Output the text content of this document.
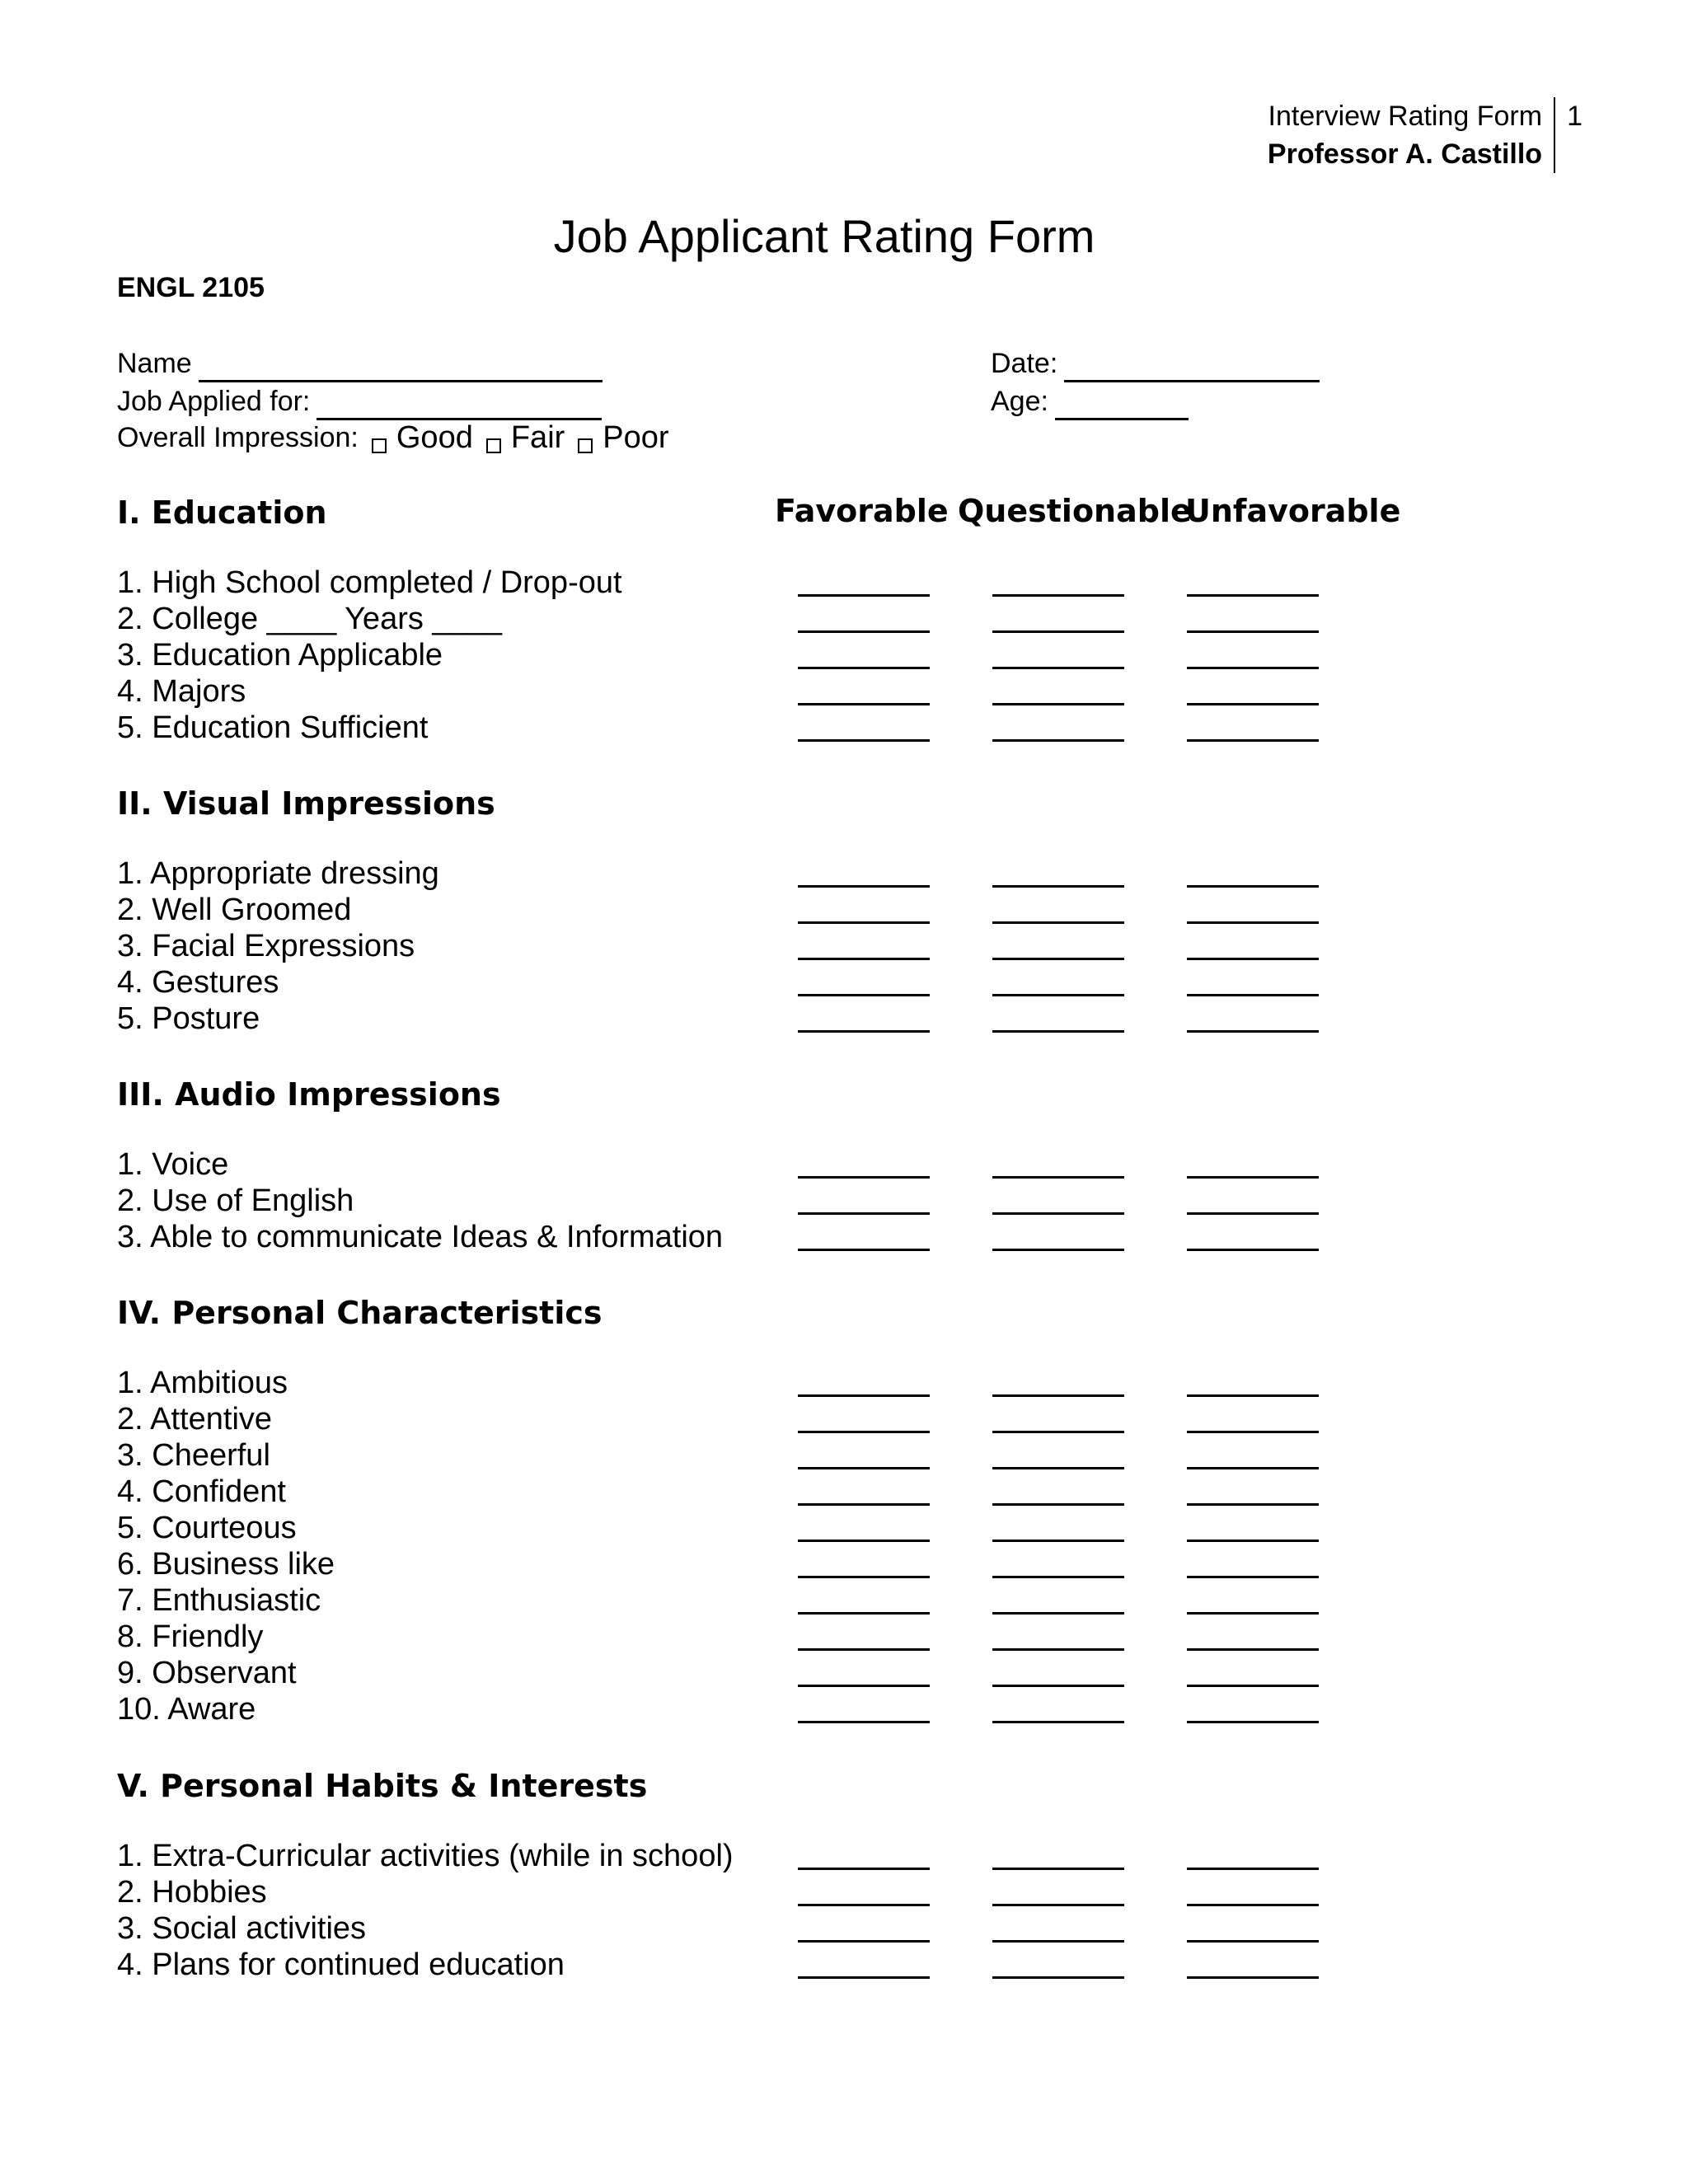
Interview Rating Form
Professor A. Castillo
1
Job Applicant Rating Form
ENGL 2105
Name
Job Applied for:
Overall Impression: Good Fair Poor
Date:
Age:
Favorable Questionable
Unfavorable
I. Education
1. High School completed / Drop-out
2. College ____ Years ____
3. Education Applicable
4. Majors
5. Education Sufficient
II. Visual Impressions
1. Appropriate dressing
2. Well Groomed
3. Facial Expressions
4. Gestures
5. Posture
III. Audio Impressions
1. Voice
2. Use of English
3. Able to communicate Ideas & Information
IV. Personal Characteristics
1. Ambitious
2. Attentive
3. Cheerful
4. Confident
5. Courteous
6. Business like
7. Enthusiastic
8. Friendly
9. Observant
10. Aware
V. Personal Habits & Interests
1. Extra-Curricular activities (while in school)
2. Hobbies
3. Social activities
4. Plans for continued education
